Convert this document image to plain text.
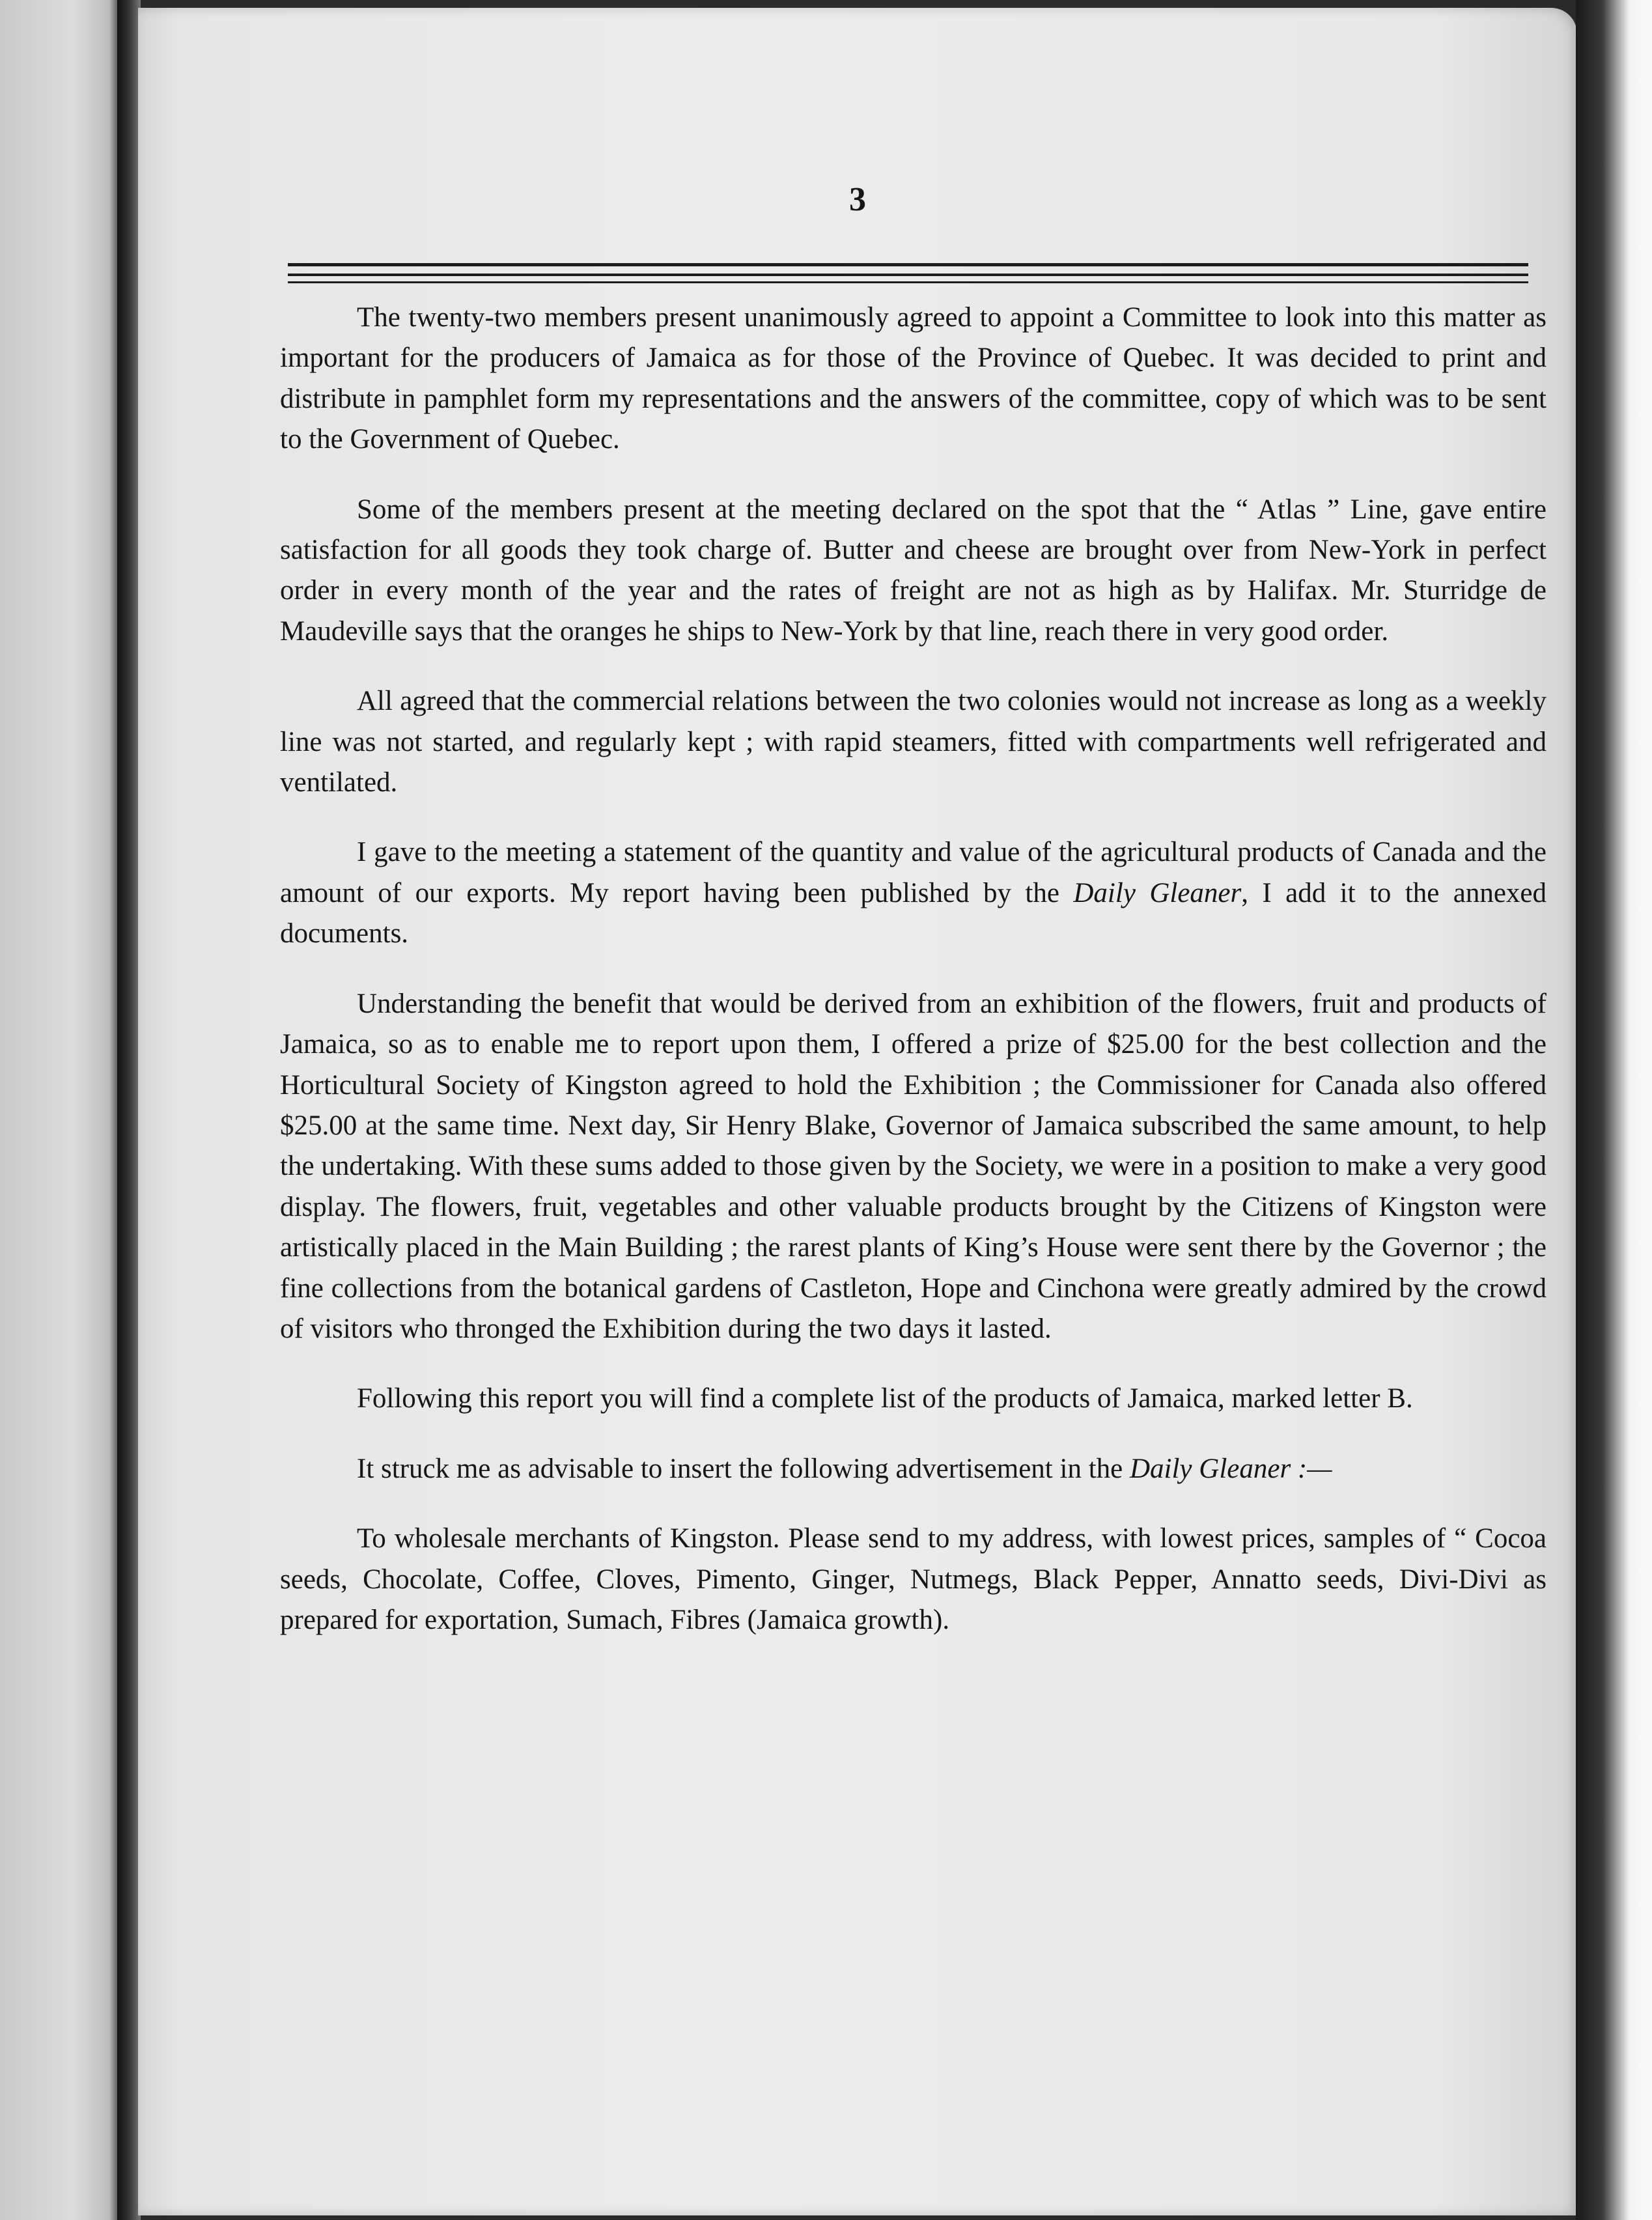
3

The twenty-two members present unanimously agreed to appoint a Committee to look into this matter as important for the producers of Jamaica as for those of the Province of Quebec. It was decided to print and distribute in pamphlet form my representations and the answers of the committee, copy of which was to be sent to the Government of Quebec.

Some of the members present at the meeting declared on the spot that the “ Atlas ” Line, gave entire satisfaction for all goods they took charge of. Butter and cheese are brought over from New-York in perfect order in every month of the year and the rates of freight are not as high as by Halifax. Mr. Sturridge de Maudeville says that the oranges he ships to New-York by that line, reach there in very good order.

All agreed that the commercial relations between the two colonies would not increase as long as a weekly line was not started, and regularly kept ; with rapid steamers, fitted with compartments well refrigerated and ventilated.

I gave to the meeting a statement of the quantity and value of the agricultural products of Canada and the amount of our exports. My report having been published by the Daily Gleaner, I add it to the annexed documents.

Understanding the benefit that would be derived from an exhibition of the flowers, fruit and products of Jamaica, so as to enable me to report upon them, I offered a prize of $25.00 for the best collection and the Horticultural Society of Kingston agreed to hold the Exhibition ; the Commissioner for Canada also offered $25.00 at the same time. Next day, Sir Henry Blake, Governor of Jamaica subscribed the same amount, to help the undertaking. With these sums added to those given by the Society, we were in a position to make a very good display. The flowers, fruit, vegetables and other valuable products brought by the Citizens of Kingston were artistically placed in the Main Building ; the rarest plants of King’s House were sent there by the Governor ; the fine collections from the botanical gardens of Castleton, Hope and Cinchona were greatly admired by the crowd of visitors who thronged the Exhibition during the two days it lasted.

Following this report you will find a complete list of the products of Jamaica, marked letter B.

It struck me as advisable to insert the following advertisement in the Daily Gleaner :—

To wholesale merchants of Kingston. Please send to my address, with lowest prices, samples of “ Cocoa seeds, Chocolate, Coffee, Cloves, Pimento, Ginger, Nutmegs, Black Pepper, Annatto seeds, Divi-Divi as prepared for exportation, Sumach, Fibres (Jamaica growth).
